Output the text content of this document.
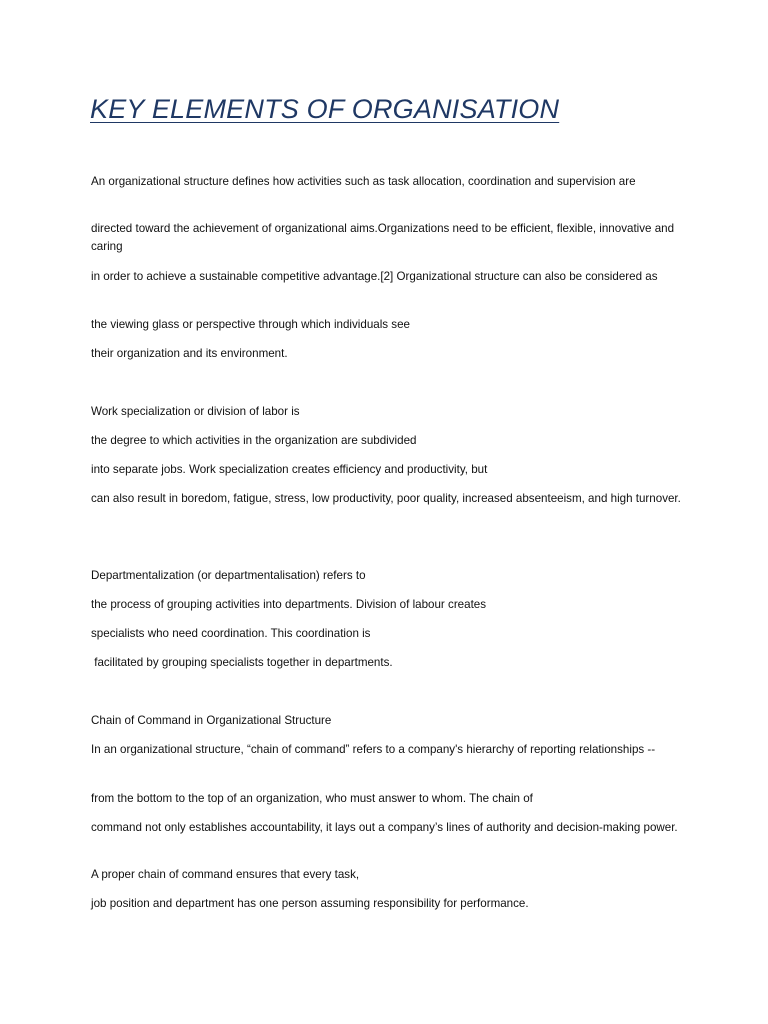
KEY ELEMENTS OF ORGANISATION

An organizational structure defines how activities such as task allocation, coordination and supervision are

directed toward the achievement of organizational aims.Organizations need to be efficient, flexible, innovative and caring

in order to achieve a sustainable competitive advantage.[2] Organizational structure can also be considered as

the viewing glass or perspective through which individuals see

their organization and its environment.

Work specialization or division of labor is

the degree to which activities in the organization are subdivided

into separate jobs. Work specialization creates efficiency and productivity, but

can also result in boredom, fatigue, stress, low productivity, poor quality, increased absenteeism, and high turnover.

Departmentalization (or departmentalisation) refers to

the process of grouping activities into departments. Division of labour creates

specialists who need coordination. This coordination is

facilitated by grouping specialists together in departments.

Chain of Command in Organizational Structure

In an organizational structure, “chain of command” refers to a company's hierarchy of reporting relationships --

from the bottom to the top of an organization, who must answer to whom. The chain of

command not only establishes accountability, it lays out a company’s lines of authority and decision-making power.

A proper chain of command ensures that every task,

job position and department has one person assuming responsibility for performance.
